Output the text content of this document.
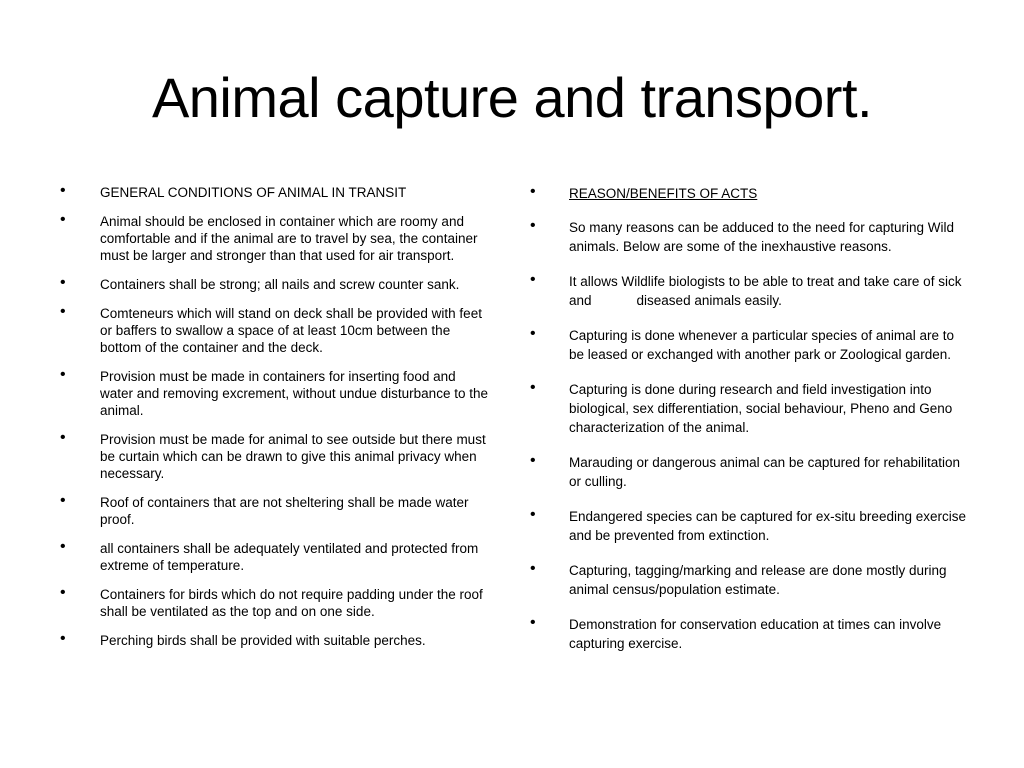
Animal capture and transport.
•	GENERAL CONDITIONS OF ANIMAL IN TRANSIT
•	Animal should be enclosed in container which are roomy and comfortable and if the animal are to travel by sea, the container must be larger and stronger than that used for air transport.
•	Containers shall be strong; all nails and screw counter sank.
•	Comteneurs which will stand on deck shall be provided with feet or baffers to swallow a space of at least 10cm between the bottom of the container and the deck.
•	Provision must be made in containers for inserting food and water and removing excrement, without undue disturbance to the animal.
•	Provision must be made for animal to see outside but there must be curtain which can be drawn to give this animal privacy when necessary.
•	Roof of containers that are not sheltering shall be made water proof.
•	all containers shall be adequately ventilated and protected from extreme of temperature.
•	Containers for birds which do not require padding under the roof shall be ventilated as the top and on one side.
•	Perching birds shall be provided with suitable perches.
• REASON/BENEFITS OF ACTS
• So many reasons can be adduced to the need for capturing Wild animals. Below are some of the inexhaustive reasons.
• It allows Wildlife biologists to be able to treat and take care of sick and            diseased animals easily.
• Capturing is done whenever a particular species of animal are to be leased or exchanged with another park or Zoological garden.
• Capturing is done during research and field investigation into biological, sex differentiation, social behaviour, Pheno and Geno characterization of the animal.
• Marauding or dangerous animal can be captured for rehabilitation or culling.
• Endangered species can be captured for ex-situ breeding exercise and be prevented from extinction.
• Capturing, tagging/marking and release are done mostly during animal census/population estimate.
• Demonstration for conservation education at times can involve capturing exercise.
